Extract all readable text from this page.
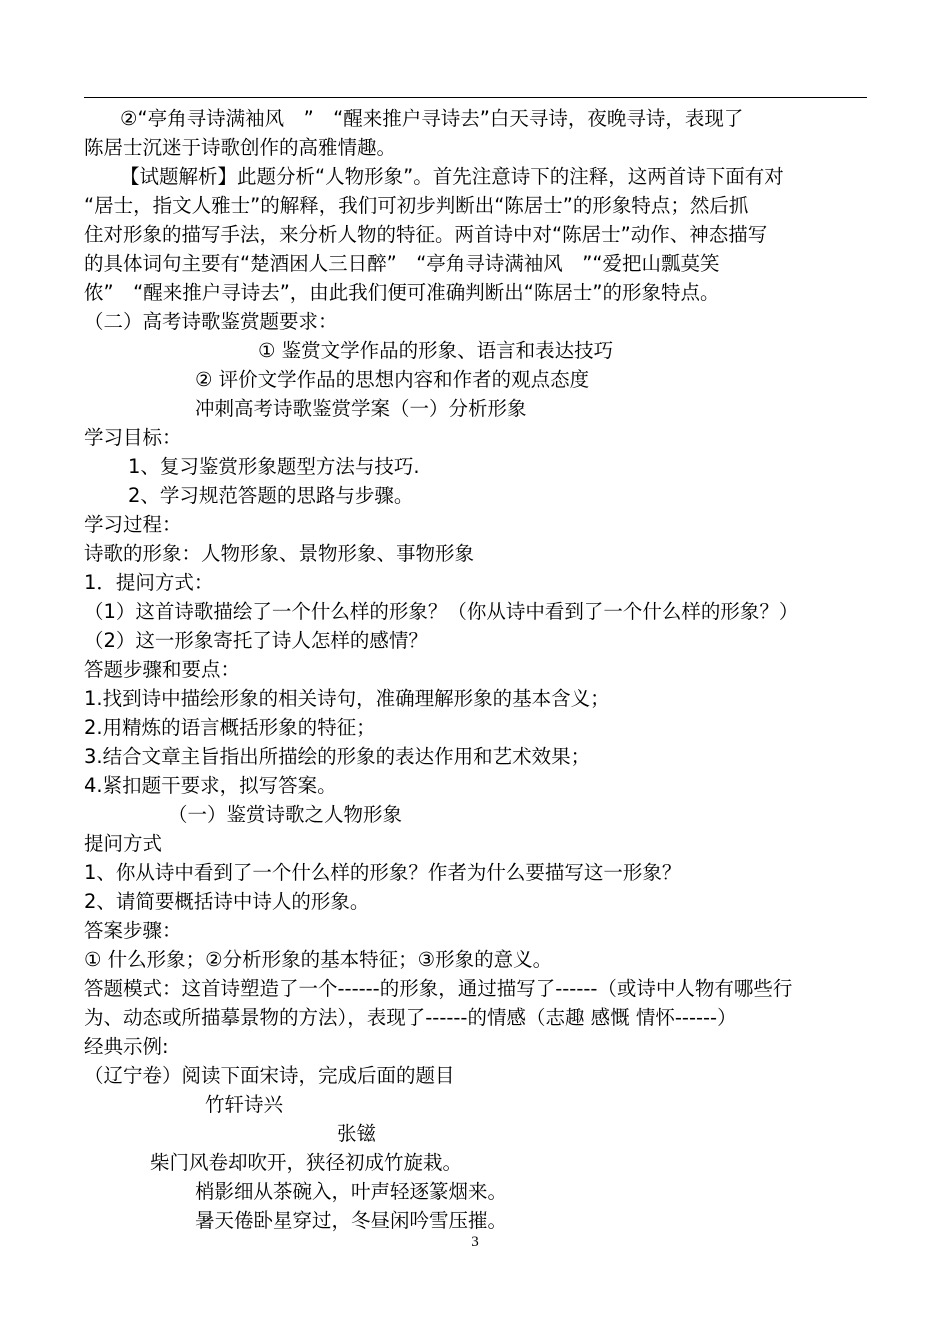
②“亭角寻诗满袖风　”　“醒来推户寻诗去”白天寻诗，夜晚寻诗，表现了
陈居士沉迷于诗歌创作的高雅情趣。
【试题解析】此题分析“人物形象”。首先注意诗下的注释，这两首诗下面有对
“居士，指文人雅士”的解释，我们可初步判断出“陈居士”的形象特点；然后抓
住对形象的描写手法，来分析人物的特征。两首诗中对“陈居士”动作、神态描写
的具体词句主要有“楚酒困人三日醉”　“亭角寻诗满袖风　”“爱把山瓢莫笑
侬”　“醒来推户寻诗去”，由此我们便可准确判断出“陈居士”的形象特点。
（二）高考诗歌鉴赏题要求：
① 鉴赏文学作品的形象、语言和表达技巧
② 评价文学作品的思想内容和作者的观点态度
冲刺高考诗歌鉴赏学案（一）分析形象
学习目标：
1、复习鉴赏形象题型方法与技巧.
2、学习规范答题的思路与步骤。
学习过程：
诗歌的形象：人物形象、景物形象、事物形象
1．提问方式：
（1）这首诗歌描绘了一个什么样的形象？（你从诗中看到了一个什么样的形象？）
（2）这一形象寄托了诗人怎样的感情？
答题步骤和要点：
1.找到诗中描绘形象的相关诗句，准确理解形象的基本含义；
2.用精炼的语言概括形象的特征；
3.结合文章主旨指出所描绘的形象的表达作用和艺术效果；
4.紧扣题干要求，拟写答案。
（一）鉴赏诗歌之人物形象
提问方式
1、你从诗中看到了一个什么样的形象？作者为什么要描写这一形象？
2、请简要概括诗中诗人的形象。
答案步骤：
① 什么形象；②分析形象的基本特征；③形象的意义。
答题模式：这首诗塑造了一个------的形象，通过描写了------（或诗中人物有哪些行
为、动态或所描摹景物的方法），表现了------的情感（志趣 感慨 情怀------）
经典示例:
（辽宁卷）阅读下面宋诗，完成后面的题目
竹轩诗兴
张镃
柴门风卷却吹开，狭径初成竹旋栽。
梢影细从茶碗入，叶声轻逐篆烟来。
暑天倦卧星穿过，冬昼闲吟雪压摧。
3
